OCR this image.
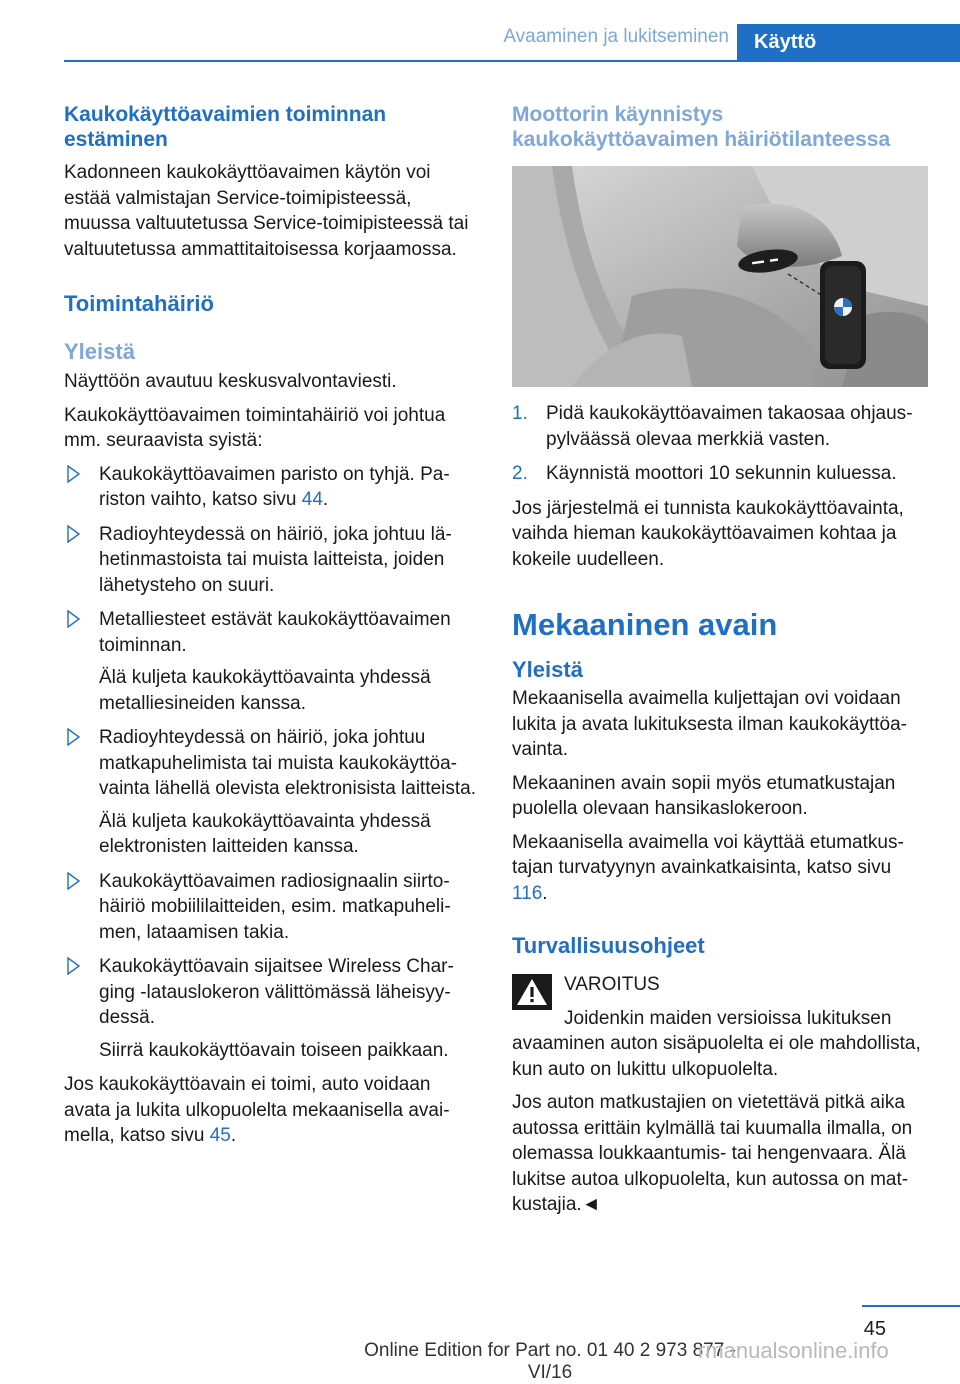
Avaaminen ja lukitseminen Käyttö

Kaukokäyttöavaimien toiminnan estäminen

Kadonneen kaukokäyttöavaimen käytön voi estää valmistajan Service-toimipisteessä, muussa valtuutetussa Service-toimipisteessä tai valtuutetussa ammattitaitoisessa korjaamossa.

Toimintahäiriö

Yleistä

Näyttöön avautuu keskusvalvontaviesti.

Kaukokäyttöavaimen toimintahäiriö voi johtua mm. seuraavista syistä:

Kaukokäyttöavaimen paristo on tyhjä. Pariston vaihto, katso sivu 44.

Radioyhteydessä on häiriö, joka johtuu lähetinmastoista tai muista laitteista, joiden lähetysteho on suuri.

Metalliesteet estävät kaukokäyttöavaimen toiminnan.

Älä kuljeta kaukokäyttöavainta yhdessä metalliesineiden kanssa.

Radioyhteydessä on häiriö, joka johtuu matkapuhelimista tai muista kaukokäyttöavainta lähellä olevista elektronisista laitteista.

Älä kuljeta kaukokäyttöavainta yhdessä elektronisten laitteiden kanssa.

Kaukokäyttöavaimen radiosignaalin siirtohäiriö mobiililaitteiden, esim. matkapuhelimen, lataamisen takia.

Kaukokäyttöavain sijaitsee Wireless Charging -latauslokeron välittömässä läheisyydessä.

Siirrä kaukokäyttöavain toiseen paikkaan.

Jos kaukokäyttöavain ei toimi, auto voidaan avata ja lukita ulkopuolelta mekaanisella avaimella, katso sivu 45.

Moottorin käynnistys kaukokäyttöavaimen häiriötilanteessa

1. Pidä kaukokäyttöavaimen takaosaa ohjauspylväässä olevaa merkkiä vasten.

2. Käynnistä moottori 10 sekunnin kuluessa.

Jos järjestelmä ei tunnista kaukokäyttöavainta, vaihda hieman kaukokäyttöavaimen kohtaa ja kokeile uudelleen.

Mekaaninen avain

Yleistä

Mekaanisella avaimella kuljettajan ovi voidaan lukita ja avata lukituksesta ilman kaukokäyttöavainta.

Mekaaninen avain sopii myös etumatkustajan puolella olevaan hansikaslokeroon.

Mekaanisella avaimella voi käyttää etumatkustajan turvatyynyn avainkatkaisinta, katso sivu 116.

Turvallisuusohjeet

VAROITUS

Joidenkin maiden versioissa lukituksen avaaminen auton sisäpuolelta ei ole mahdollista, kun auto on lukittu ulkopuolelta.

Jos auton matkustajien on vietettävä pitkä aika autossa erittäin kylmällä tai kuumalla ilmalla, on olemassa loukkaantumis- tai hengenvaara. Älä lukitse autoa ulkopuolelta, kun autossa on matkustajia.◄

45
Online Edition for Part no. 01 40 2 973 877 - VI/16
rmanualsonline.info
